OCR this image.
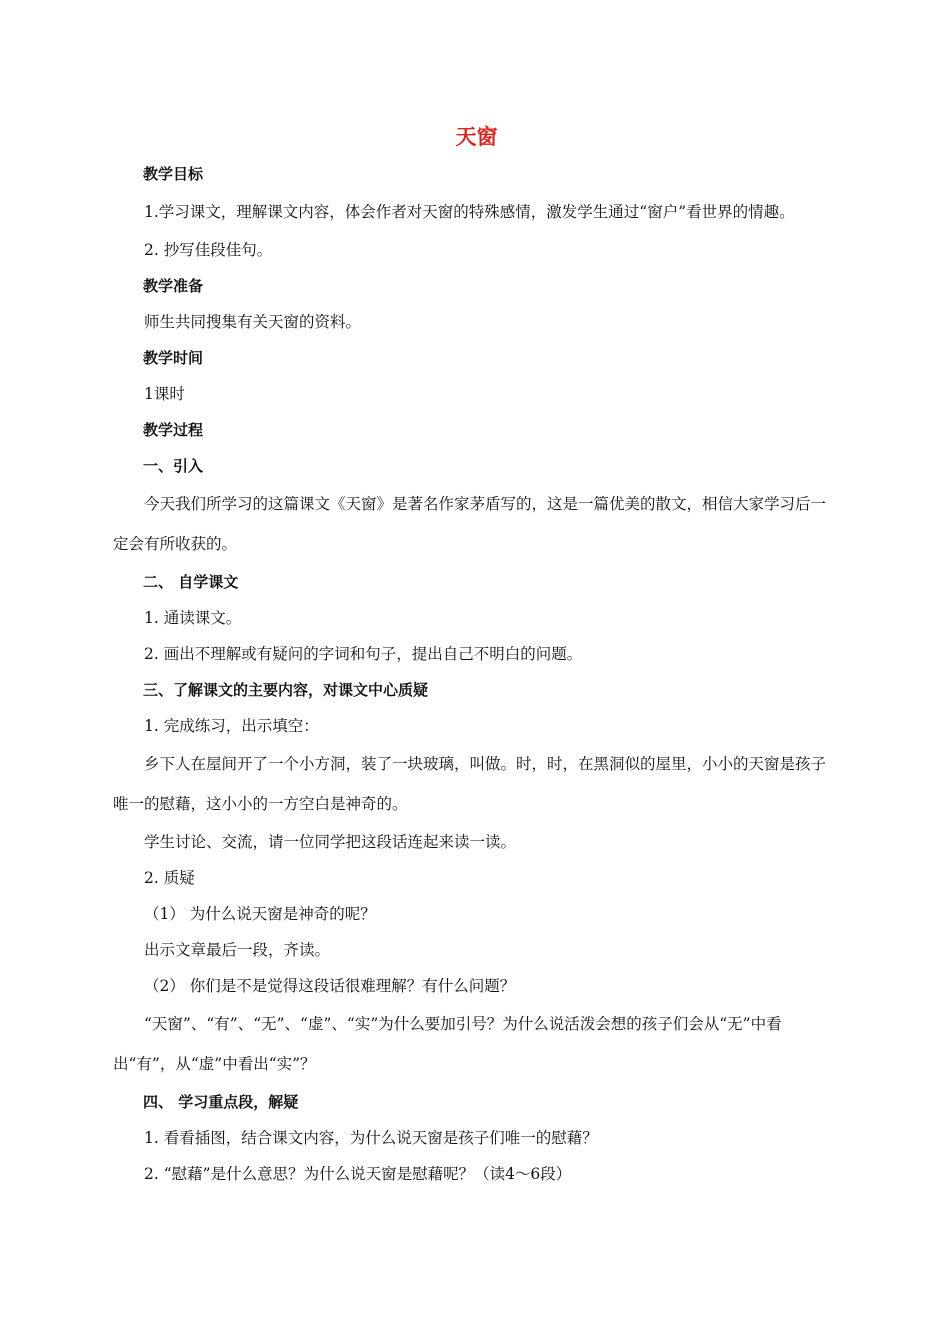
天窗

教学目标

1.学习课文，理解课文内容，体会作者对天窗的特殊感情，激发学生通过“窗户”看世界的情趣。

2. 抄写佳段佳句。

教学准备

师生共同搜集有关天窗的资料。

教学时间

1课时

教学过程

一、引入

今天我们所学习的这篇课文《天窗》是著名作家茅盾写的，这是一篇优美的散文，相信大家学习后一定会有所收获的。

二、 自学课文

1. 通读课文。

2. 画出不理解或有疑问的字词和句子，提出自己不明白的问题。

三、了解课文的主要内容，对课文中心质疑

1. 完成练习，出示填空：

乡下人在屋间开了一个小方洞，装了一块玻璃，叫做。时，时，在黑洞似的屋里，小小的天窗是孩子唯一的慰藉，这小小的一方空白是神奇的。

学生讨论、交流，请一位同学把这段话连起来读一读。

2. 质疑

（1） 为什么说天窗是神奇的呢？

出示文章最后一段，齐读。

（2） 你们是不是觉得这段话很难理解？有什么问题？

“天窗”、“有”、“无”、“虚”、“实”为什么要加引号？为什么说活泼会想的孩子们会从“无”中看出“有”，从“虚”中看出“实”？

四、 学习重点段，解疑

1. 看看插图，结合课文内容，为什么说天窗是孩子们唯一的慰藉？

2. “慰藉”是什么意思？为什么说天窗是慰藉呢？（读4～6段）
